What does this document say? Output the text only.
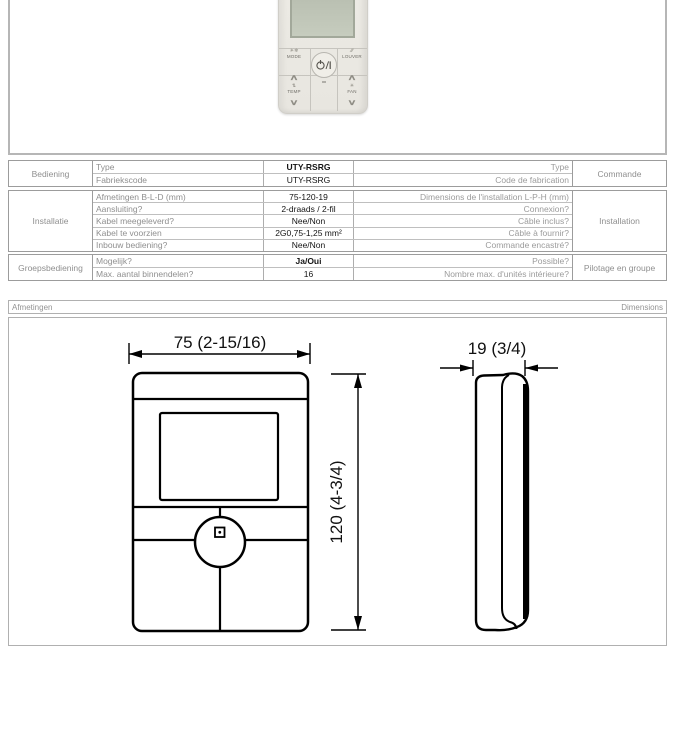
☀❄
MODE
∕∕∕
LOUVER
∧	∧
⇅
TEMP
✳
FAN
∨	∨
Bediening
Type	UTY-RSRG	Type
Fabriekscode	UTY-RSRG	Code de fabrication
Commande
Installatie
Afmetingen B-L-D (mm)	75-120-19	Dimensions de l'installation L-P-H (mm)
Aansluiting?	2-draads / 2-fil	Connexion?
Kabel meegeleverd?	Nee/Non	Câble inclus?
Kabel te voorzien	2G0,75-1,25 mm²	Câble à fournir?
Inbouw bediening?	Nee/Non	Commande encastré?
Installation
Groepsbediening
Mogelijk?	Ja/Oui	Possible?
Max. aantal binnendelen?	16	Nombre max. d'unités intérieure?
Pilotage en groupe
Afmetingen	Dimensions
75 (2-15/16)
120 (4-3/4)
19 (3/4)
